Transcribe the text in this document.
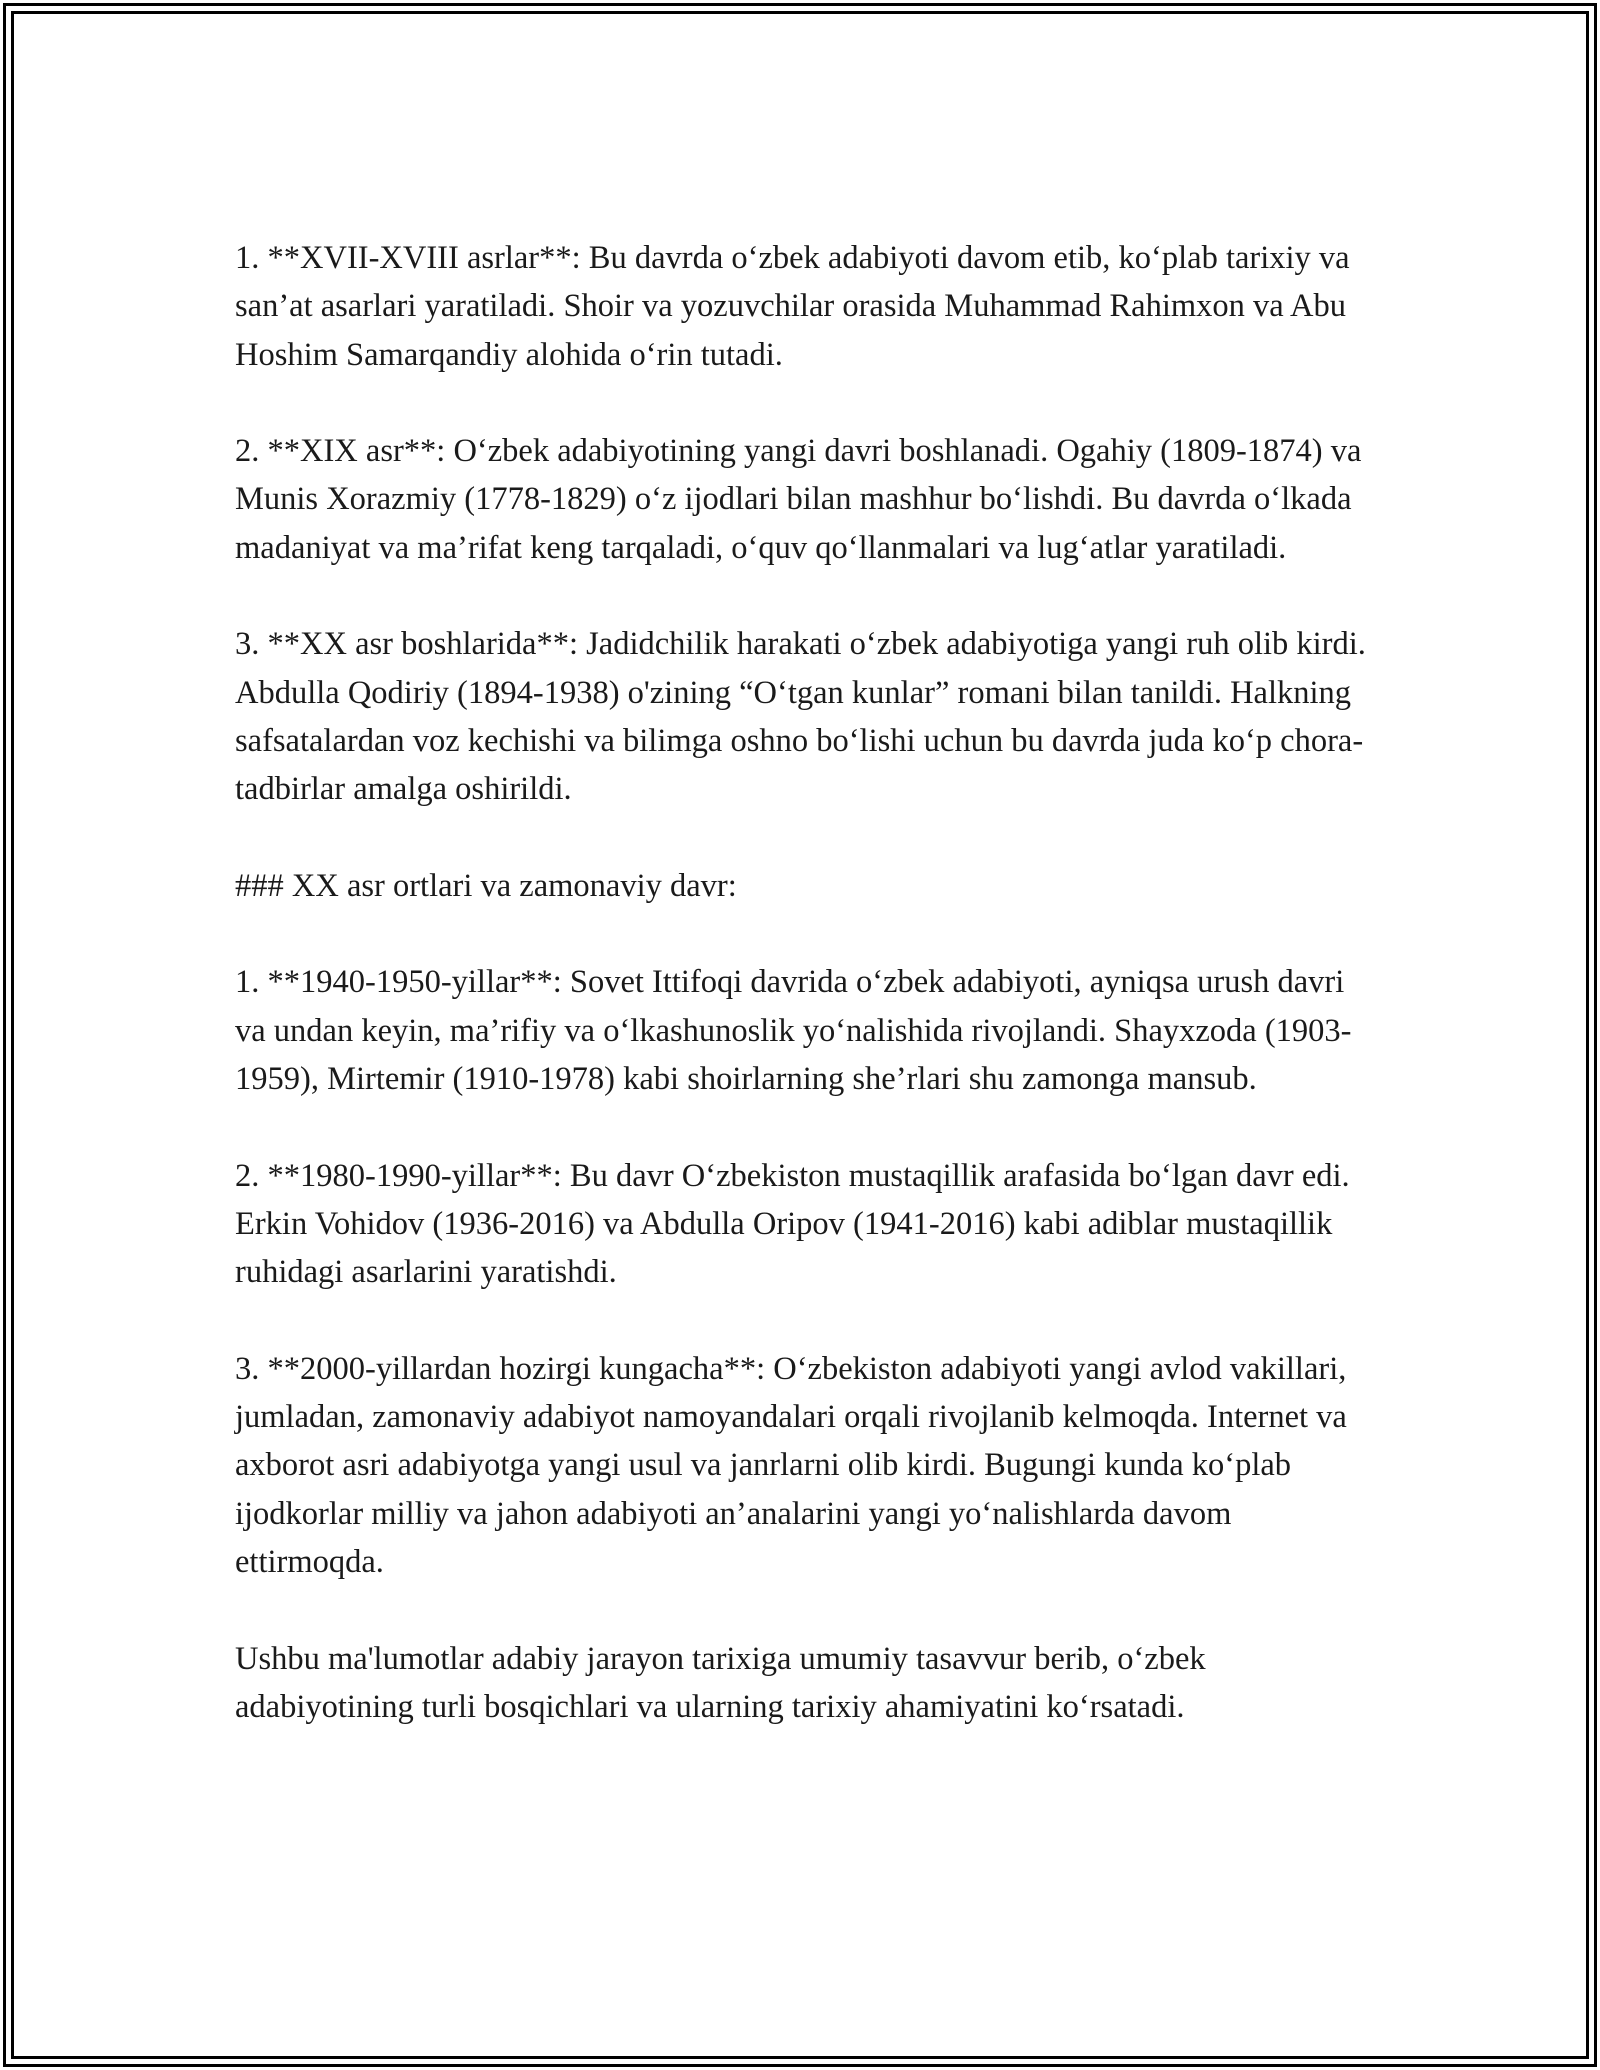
1. **XVII-XVIII asrlar**: Bu davrda o‘zbek adabiyoti davom etib, ko‘plab tarixiy va san’at asarlari yaratiladi. Shoir va yozuvchilar orasida Muhammad Rahimxon va Abu Hoshim Samarqandiy alohida o‘rin tutadi.

2. **XIX asr**: O‘zbek adabiyotining yangi davri boshlanadi. Ogahiy (1809-1874) va Munis Xorazmiy (1778-1829) o‘z ijodlari bilan mashhur bo‘lishdi. Bu davrda o‘lkada madaniyat va ma’rifat keng tarqaladi, o‘quv qo‘llanmalari va lug‘atlar yaratiladi.

3. **XX asr boshlarida**: Jadidchilik harakati o‘zbek adabiyotiga yangi ruh olib kirdi. Abdulla Qodiriy (1894-1938) o'zining “O‘tgan kunlar” romani bilan tanildi. Halkning safsatalardan voz kechishi va bilimga oshno bo‘lishi uchun bu davrda juda ko‘p chora-tadbirlar amalga oshirildi.

### XX asr ortlari va zamonaviy davr:

1. **1940-1950-yillar**: Sovet Ittifoqi davrida o‘zbek adabiyoti, ayniqsa urush davri va undan keyin, ma’rifiy va o‘lkashunoslik yo‘nalishida rivojlandi. Shayxzoda (1903-1959), Mirtemir (1910-1978) kabi shoirlarning she’rlari shu zamonga mansub.

2. **1980-1990-yillar**: Bu davr O‘zbekiston mustaqillik arafasida bo‘lgan davr edi. Erkin Vohidov (1936-2016) va Abdulla Oripov (1941-2016) kabi adiblar mustaqillik ruhidagi asarlarini yaratishdi.

3. **2000-yillardan hozirgi kungacha**: O‘zbekiston adabiyoti yangi avlod vakillari, jumladan, zamonaviy adabiyot namoyandalari orqali rivojlanib kelmoqda. Internet va axborot asri adabiyotga yangi usul va janrlarni olib kirdi. Bugungi kunda ko‘plab ijodkorlar milliy va jahon adabiyoti an’analarini yangi yo‘nalishlarda davom ettirmoqda.

Ushbu ma'lumotlar adabiy jarayon tarixiga umumiy tasavvur berib, o‘zbek adabiyotining turli bosqichlari va ularning tarixiy ahamiyatini ko‘rsatadi.
